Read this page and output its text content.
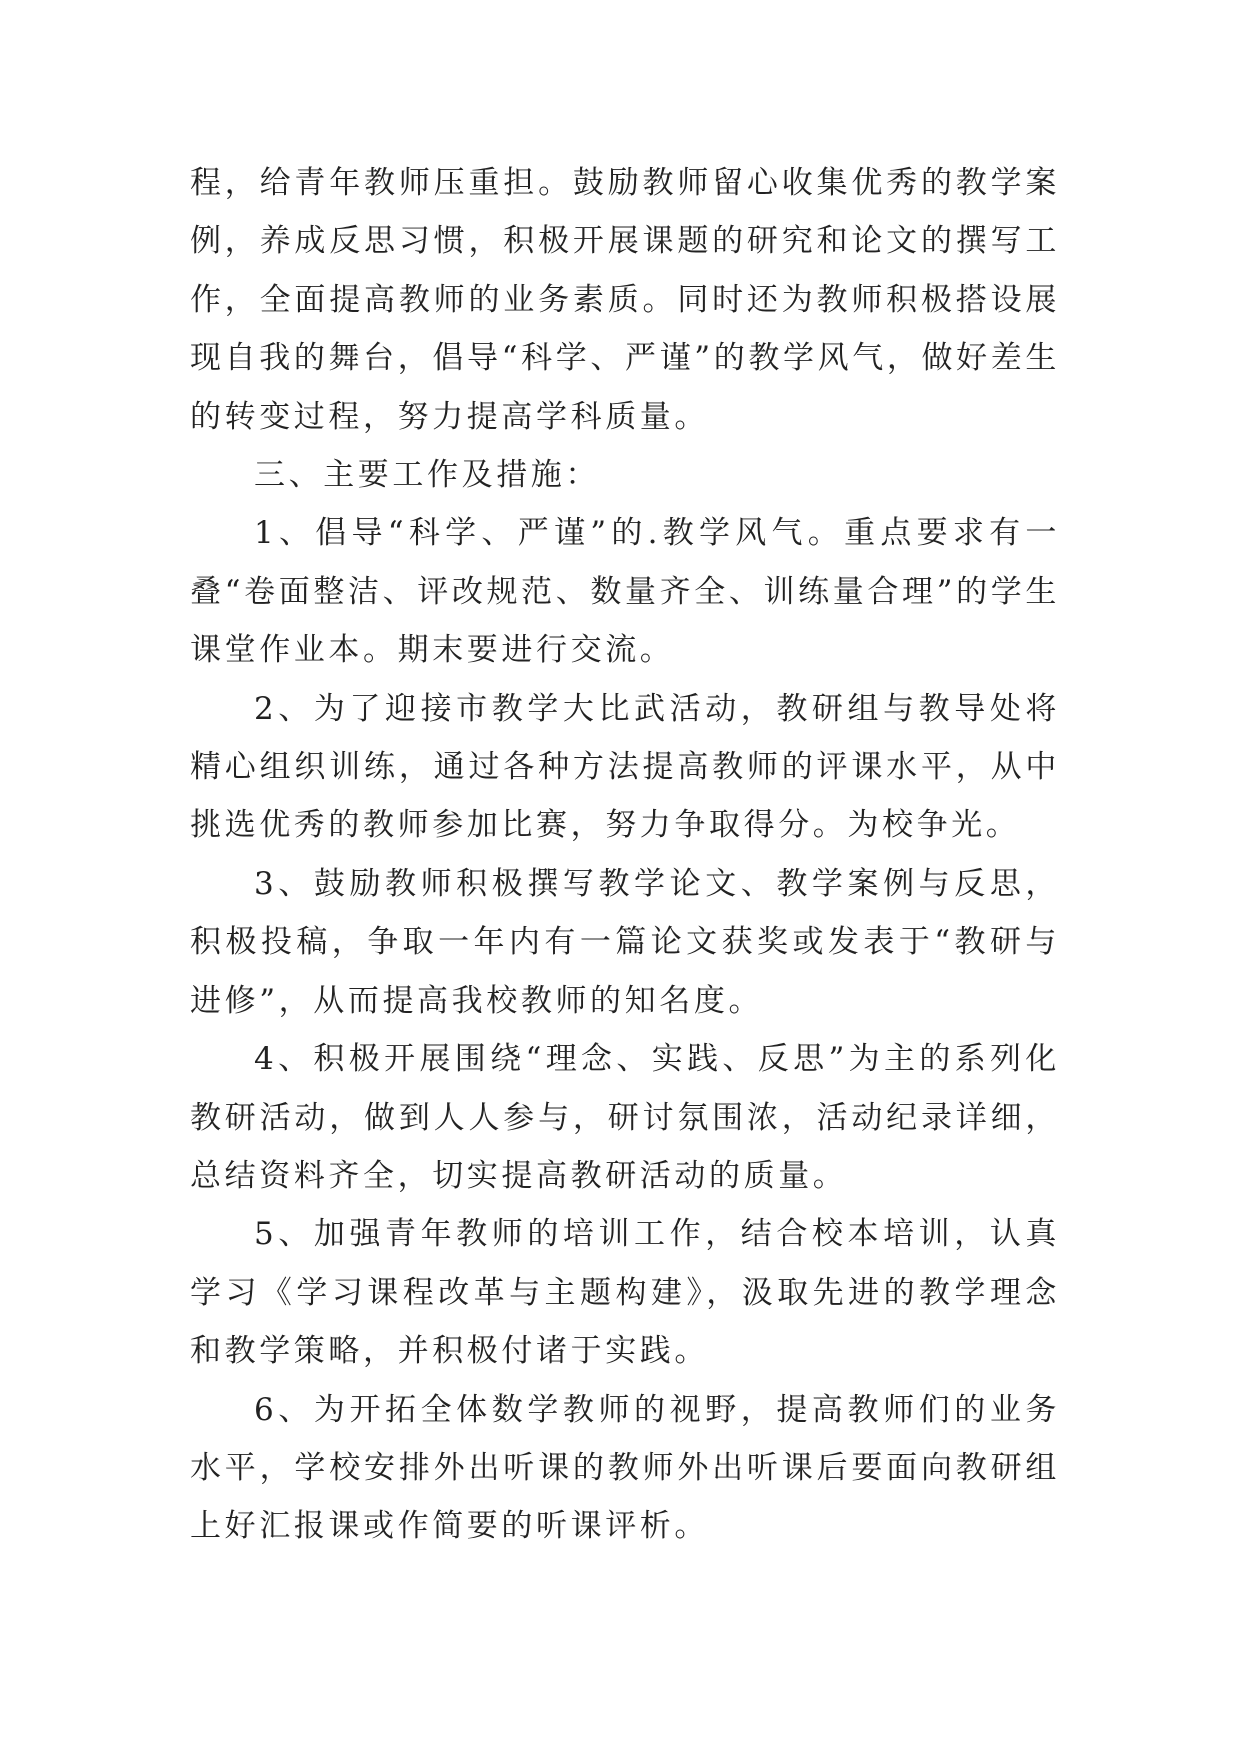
程，给青年教师压重担。鼓励教师留心收集优秀的教学案例，养成反思习惯，积极开展课题的研究和论文的撰写工作，全面提高教师的业务素质。同时还为教师积极搭设展现自我的舞台，倡导“科学、严谨”的教学风气，做好差生的转变过程，努力提高学科质量。

三、主要工作及措施：

1、倡导“科学、严谨”的.教学风气。重点要求有一叠“卷面整洁、评改规范、数量齐全、训练量合理”的学生课堂作业本。期末要进行交流。

2、为了迎接市教学大比武活动，教研组与教导处将精心组织训练，通过各种方法提高教师的评课水平，从中挑选优秀的教师参加比赛，努力争取得分。为校争光。

3、鼓励教师积极撰写教学论文、教学案例与反思，积极投稿，争取一年内有一篇论文获奖或发表于“教研与进修”，从而提高我校教师的知名度。

4、积极开展围绕“理念、实践、反思”为主的系列化教研活动，做到人人参与，研讨氛围浓，活动纪录详细，总结资料齐全，切实提高教研活动的质量。

5、加强青年教师的培训工作，结合校本培训，认真学习《学习课程改革与主题构建》，汲取先进的教学理念和教学策略，并积极付诸于实践。

6、为开拓全体数学教师的视野，提高教师们的业务水平，学校安排外出听课的教师外出听课后要面向教研组上好汇报课或作简要的听课评析。
